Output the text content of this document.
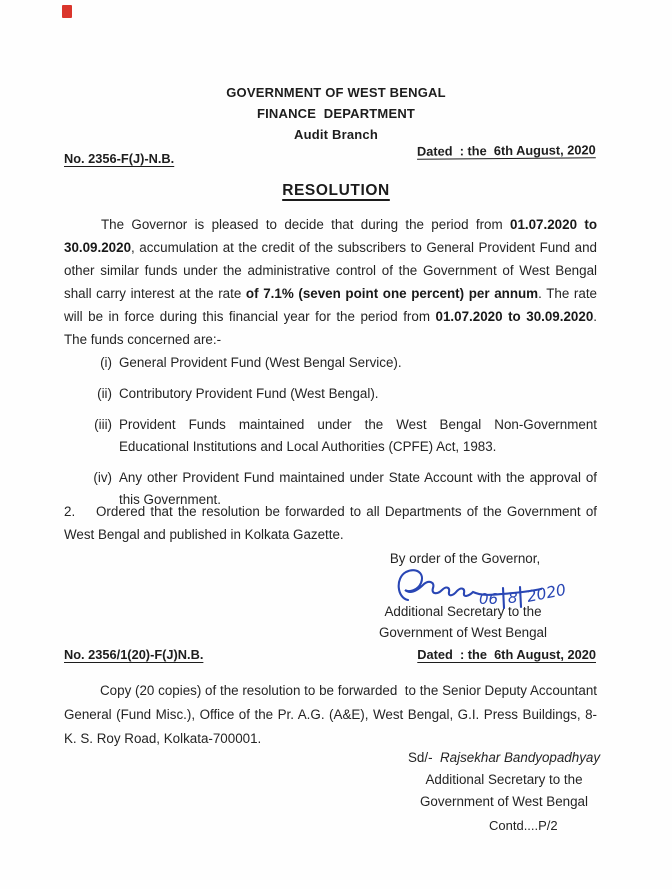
GOVERNMENT OF WEST BENGAL
FINANCE  DEPARTMENT
Audit Branch
No. 2356-F(J)-N.B.	Dated  : the  6th August, 2020
RESOLUTION
The Governor is pleased to decide that during the period from 01.07.2020 to 30.09.2020, accumulation at the credit of the subscribers to General Provident Fund and other similar funds under the administrative control of the Government of West Bengal shall carry interest at the rate of 7.1% (seven point one percent) per annum. The rate will be in force during this financial year for the period from 01.07.2020 to 30.09.2020. The funds concerned are:-
(i) General Provident Fund (West Bengal Service).
(ii) Contributory Provident Fund (West Bengal).
(iii) Provident Funds maintained under the West Bengal Non-Government Educational Institutions and Local Authorities (CPFE) Act, 1983.
(iv) Any other Provident Fund maintained under State Account with the approval of this Government.
2.    Ordered that the resolution be forwarded to all Departments of the Government of West Bengal and published in Kolkata Gazette.
By order of the Governor,
06 8 2020
Additional Secretary to the
Government of West Bengal
No. 2356/1(20)-F(J)N.B.	Dated  : the  6th August, 2020
Copy (20 copies) of the resolution to be forwarded  to the Senior Deputy Accountant General (Fund Misc.), Office of the Pr. A.G. (A&E), West Bengal, G.I. Press Buildings, 8- K. S. Roy Road, Kolkata-700001.
Sd/- Rajsekhar Bandyopadhyay
Additional Secretary to the
Government of West Bengal
Contd....P/2
